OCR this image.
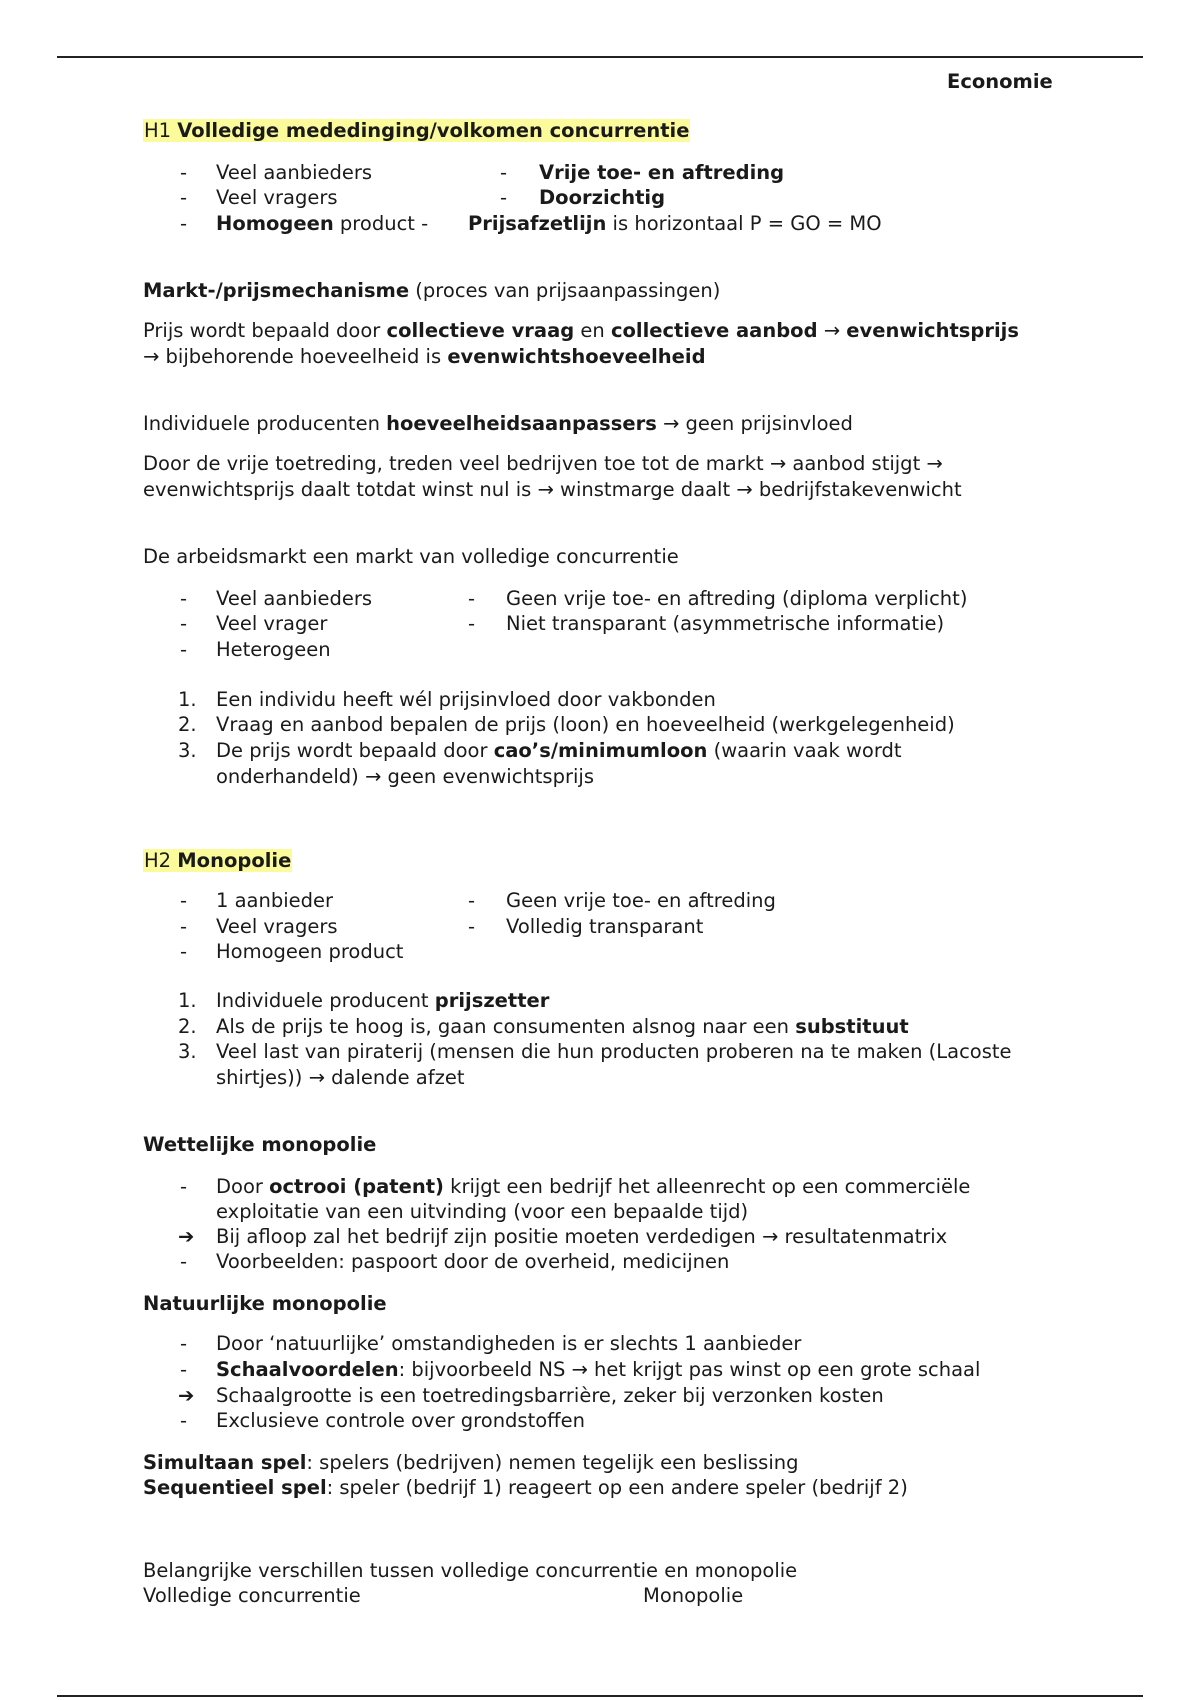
Economie
H1 Volledige mededinging/volkomen concurrentie
- Veel aanbieders	- Vrije toe- en aftreding
- Veel vragers	- Doorzichtig
- Homogeen product - Prijsafzetlijn is horizontaal P = GO = MO
Markt-/prijsmechanisme (proces van prijsaanpassingen)
Prijs wordt bepaald door collectieve vraag en collectieve aanbod → evenwichtsprijs
→ bijbehorende hoeveelheid is evenwichtshoeveelheid
Individuele producenten hoeveelheidsaanpassers → geen prijsinvloed
Door de vrije toetreding, treden veel bedrijven toe tot de markt → aanbod stijgt →
evenwichtsprijs daalt totdat winst nul is → winstmarge daalt → bedrijfstakevenwicht
De arbeidsmarkt een markt van volledige concurrentie
- Veel aanbieders	- Geen vrije toe- en aftreding (diploma verplicht)
- Veel vrager	- Niet transparant (asymmetrische informatie)
- Heterogeen
1. Een individu heeft wél prijsinvloed door vakbonden
2. Vraag en aanbod bepalen de prijs (loon) en hoeveelheid (werkgelegenheid)
3. De prijs wordt bepaald door cao’s/minimumloon (waarin vaak wordt
onderhandeld) → geen evenwichtsprijs
H2 Monopolie
- 1 aanbieder	- Geen vrije toe- en aftreding
- Veel vragers	- Volledig transparant
- Homogeen product
1. Individuele producent prijszetter
2. Als de prijs te hoog is, gaan consumenten alsnog naar een substituut
3. Veel last van piraterij (mensen die hun producten proberen na te maken (Lacoste
shirtjes)) → dalende afzet
Wettelijke monopolie
- Door octrooi (patent) krijgt een bedrijf het alleenrecht op een commerciële
exploitatie van een uitvinding (voor een bepaalde tijd)
➔ Bij afloop zal het bedrijf zijn positie moeten verdedigen → resultatenmatrix
- Voorbeelden: paspoort door de overheid, medicijnen
Natuurlijke monopolie
- Door ‘natuurlijke’ omstandigheden is er slechts 1 aanbieder
- Schaalvoordelen: bijvoorbeeld NS → het krijgt pas winst op een grote schaal
➔ Schaalgrootte is een toetredingsbarrière, zeker bij verzonken kosten
- Exclusieve controle over grondstoffen
Simultaan spel: spelers (bedrijven) nemen tegelijk een beslissing
Sequentieel spel: speler (bedrijf 1) reageert op een andere speler (bedrijf 2)
Belangrijke verschillen tussen volledige concurrentie en monopolie
Volledige concurrentie	Monopolie
